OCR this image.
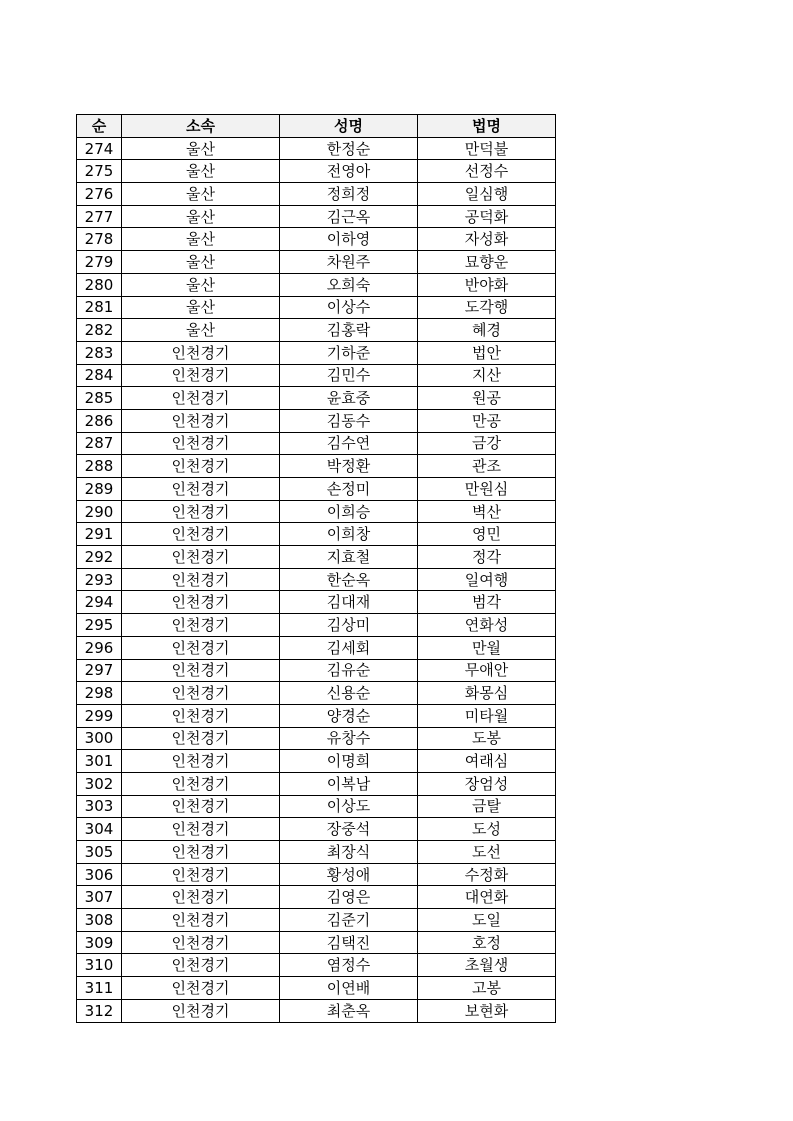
순	소속	성명	법명
274	울산	한정순	만덕불
275	울산	전영아	선정수
276	울산	정희정	일심행
277	울산	김근옥	공덕화
278	울산	이하영	자성화
279	울산	차원주	묘향운
280	울산	오희숙	반야화
281	울산	이상수	도각행
282	울산	김홍락	혜경
283	인천경기	기하준	법안
284	인천경기	김민수	지산
285	인천경기	윤효중	원공
286	인천경기	김동수	만공
287	인천경기	김수연	금강
288	인천경기	박정환	관조
289	인천경기	손정미	만원심
290	인천경기	이희승	벽산
291	인천경기	이희창	영민
292	인천경기	지효철	정각
293	인천경기	한순옥	일여행
294	인천경기	김대재	범각
295	인천경기	김상미	연화성
296	인천경기	김세회	만월
297	인천경기	김유순	무애안
298	인천경기	신용순	화몽심
299	인천경기	양경순	미타월
300	인천경기	유창수	도봉
301	인천경기	이명희	여래심
302	인천경기	이복남	장엄성
303	인천경기	이상도	금탈
304	인천경기	장중석	도성
305	인천경기	최장식	도선
306	인천경기	황성애	수정화
307	인천경기	김영은	대연화
308	인천경기	김준기	도일
309	인천경기	김택진	호정
310	인천경기	염정수	초월생
311	인천경기	이연배	고봉
312	인천경기	최춘옥	보현화
